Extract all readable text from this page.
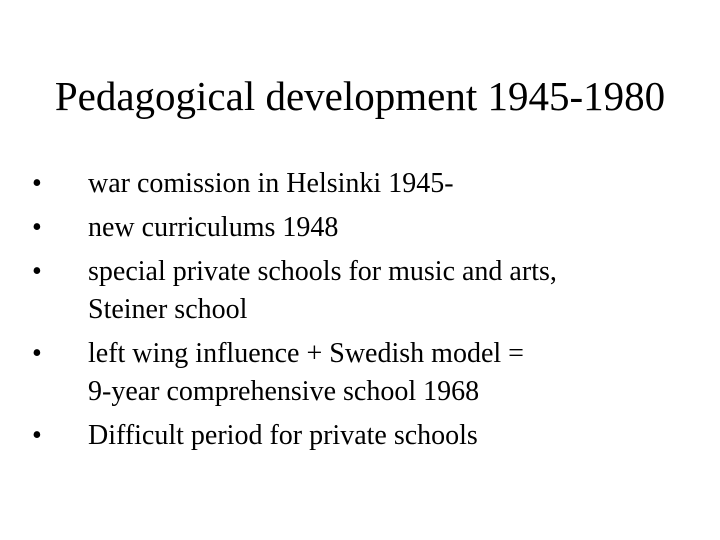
Pedagogical development 1945-1980
•	war comission in Helsinki 1945-
•	new curriculums 1948
•	special private schools for music and arts,
Steiner school
•	left wing influence + Swedish model =
9-year comprehensive school 1968
•	Difficult period for private schools
